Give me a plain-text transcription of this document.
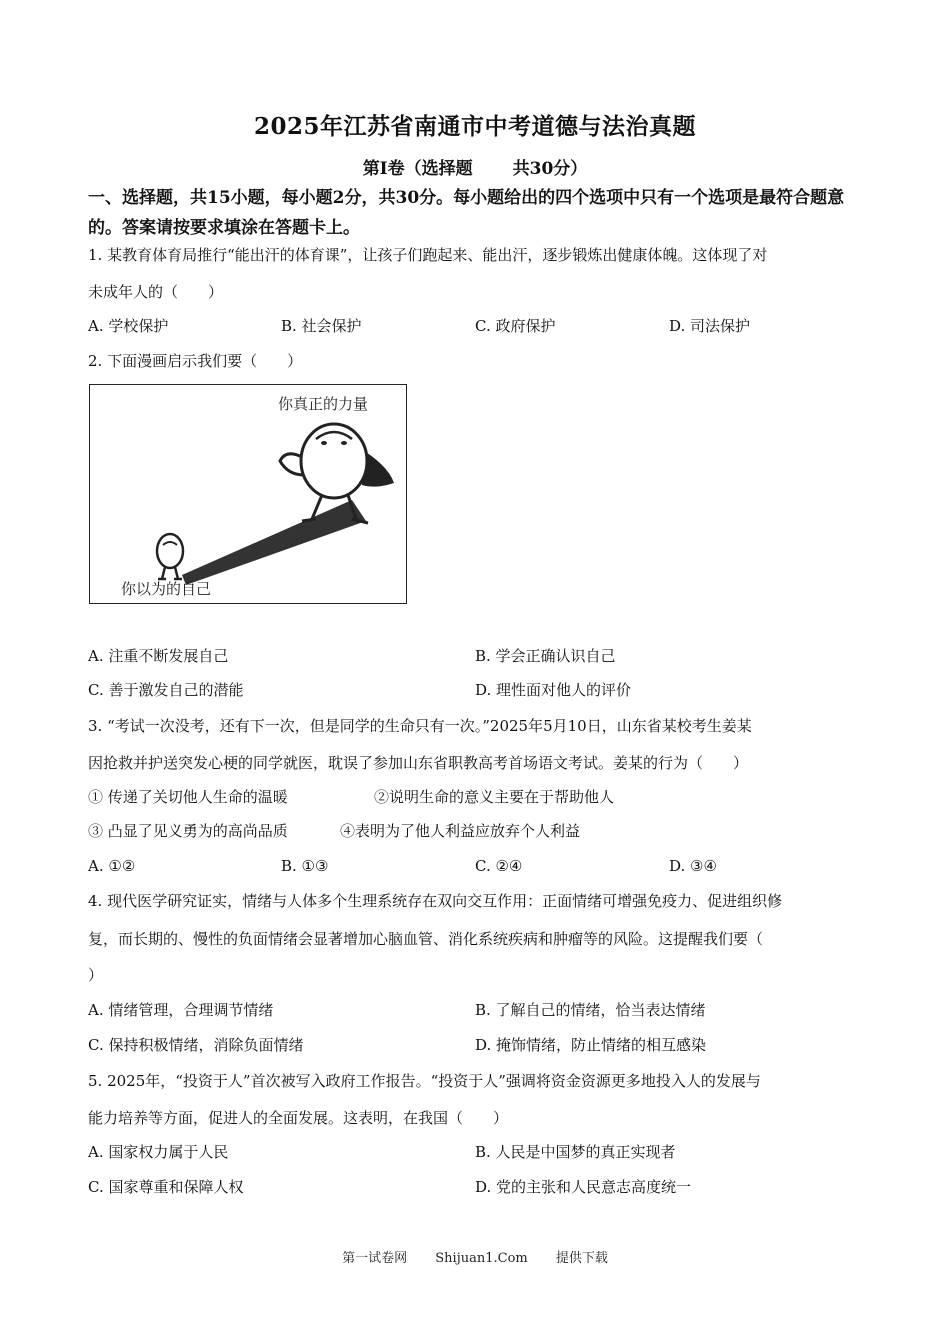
2025年江苏省南通市中考道德与法治真题
第Ⅰ卷（选择题 共30分）
一、选择题，共15小题，每小题2分，共30分。每小题给出的四个选项中只有一个选项是最符合题意的。答案请按要求填涂在答题卡上。
1. 某教育体育局推行“能出汗的体育课”，让孩子们跑起来、能出汗，逐步锻炼出健康体魄。这体现了对
未成年人的（　　）
A. 学校保护	B. 社会保护	C. 政府保护	D. 司法保护
2. 下面漫画启示我们要（　　）
你真正的力量
你以为的自己
A. 注重不断发展自己	B. 学会正确认识自己
C. 善于激发自己的潜能	D. 理性面对他人的评价
3. “考试一次没考，还有下一次，但是同学的生命只有一次。”2025年5月10日，山东省某校考生姜某
因抢救并护送突发心梗的同学就医，耽误了参加山东省职教高考首场语文考试。姜某的行为（　　）
① 传递了关切他人生命的温暖	②说明生命的意义主要在于帮助他人
③ 凸显了见义勇为的高尚品质	④表明为了他人利益应放弃个人利益
A. ①②	B. ①③	C. ②④	D. ③④
4. 现代医学研究证实，情绪与人体多个生理系统存在双向交互作用：正面情绪可增强免疫力、促进组织修
复，而长期的、慢性的负面情绪会显著增加心脑血管、消化系统疾病和肿瘤等的风险。这提醒我们要（
）
A. 情绪管理，合理调节情绪	B. 了解自己的情绪，恰当表达情绪
C. 保持积极情绪，消除负面情绪	D. 掩饰情绪，防止情绪的相互感染
5. 2025年，“投资于人”首次被写入政府工作报告。“投资于人”强调将资金资源更多地投入人的发展与
能力培养等方面，促进人的全面发展。这表明，在我国（　　）
A. 国家权力属于人民	B. 人民是中国梦的真正实现者
C. 国家尊重和保障人权	D. 党的主张和人民意志高度统一
第一试卷网 Shijuan1.Com 提供下载
